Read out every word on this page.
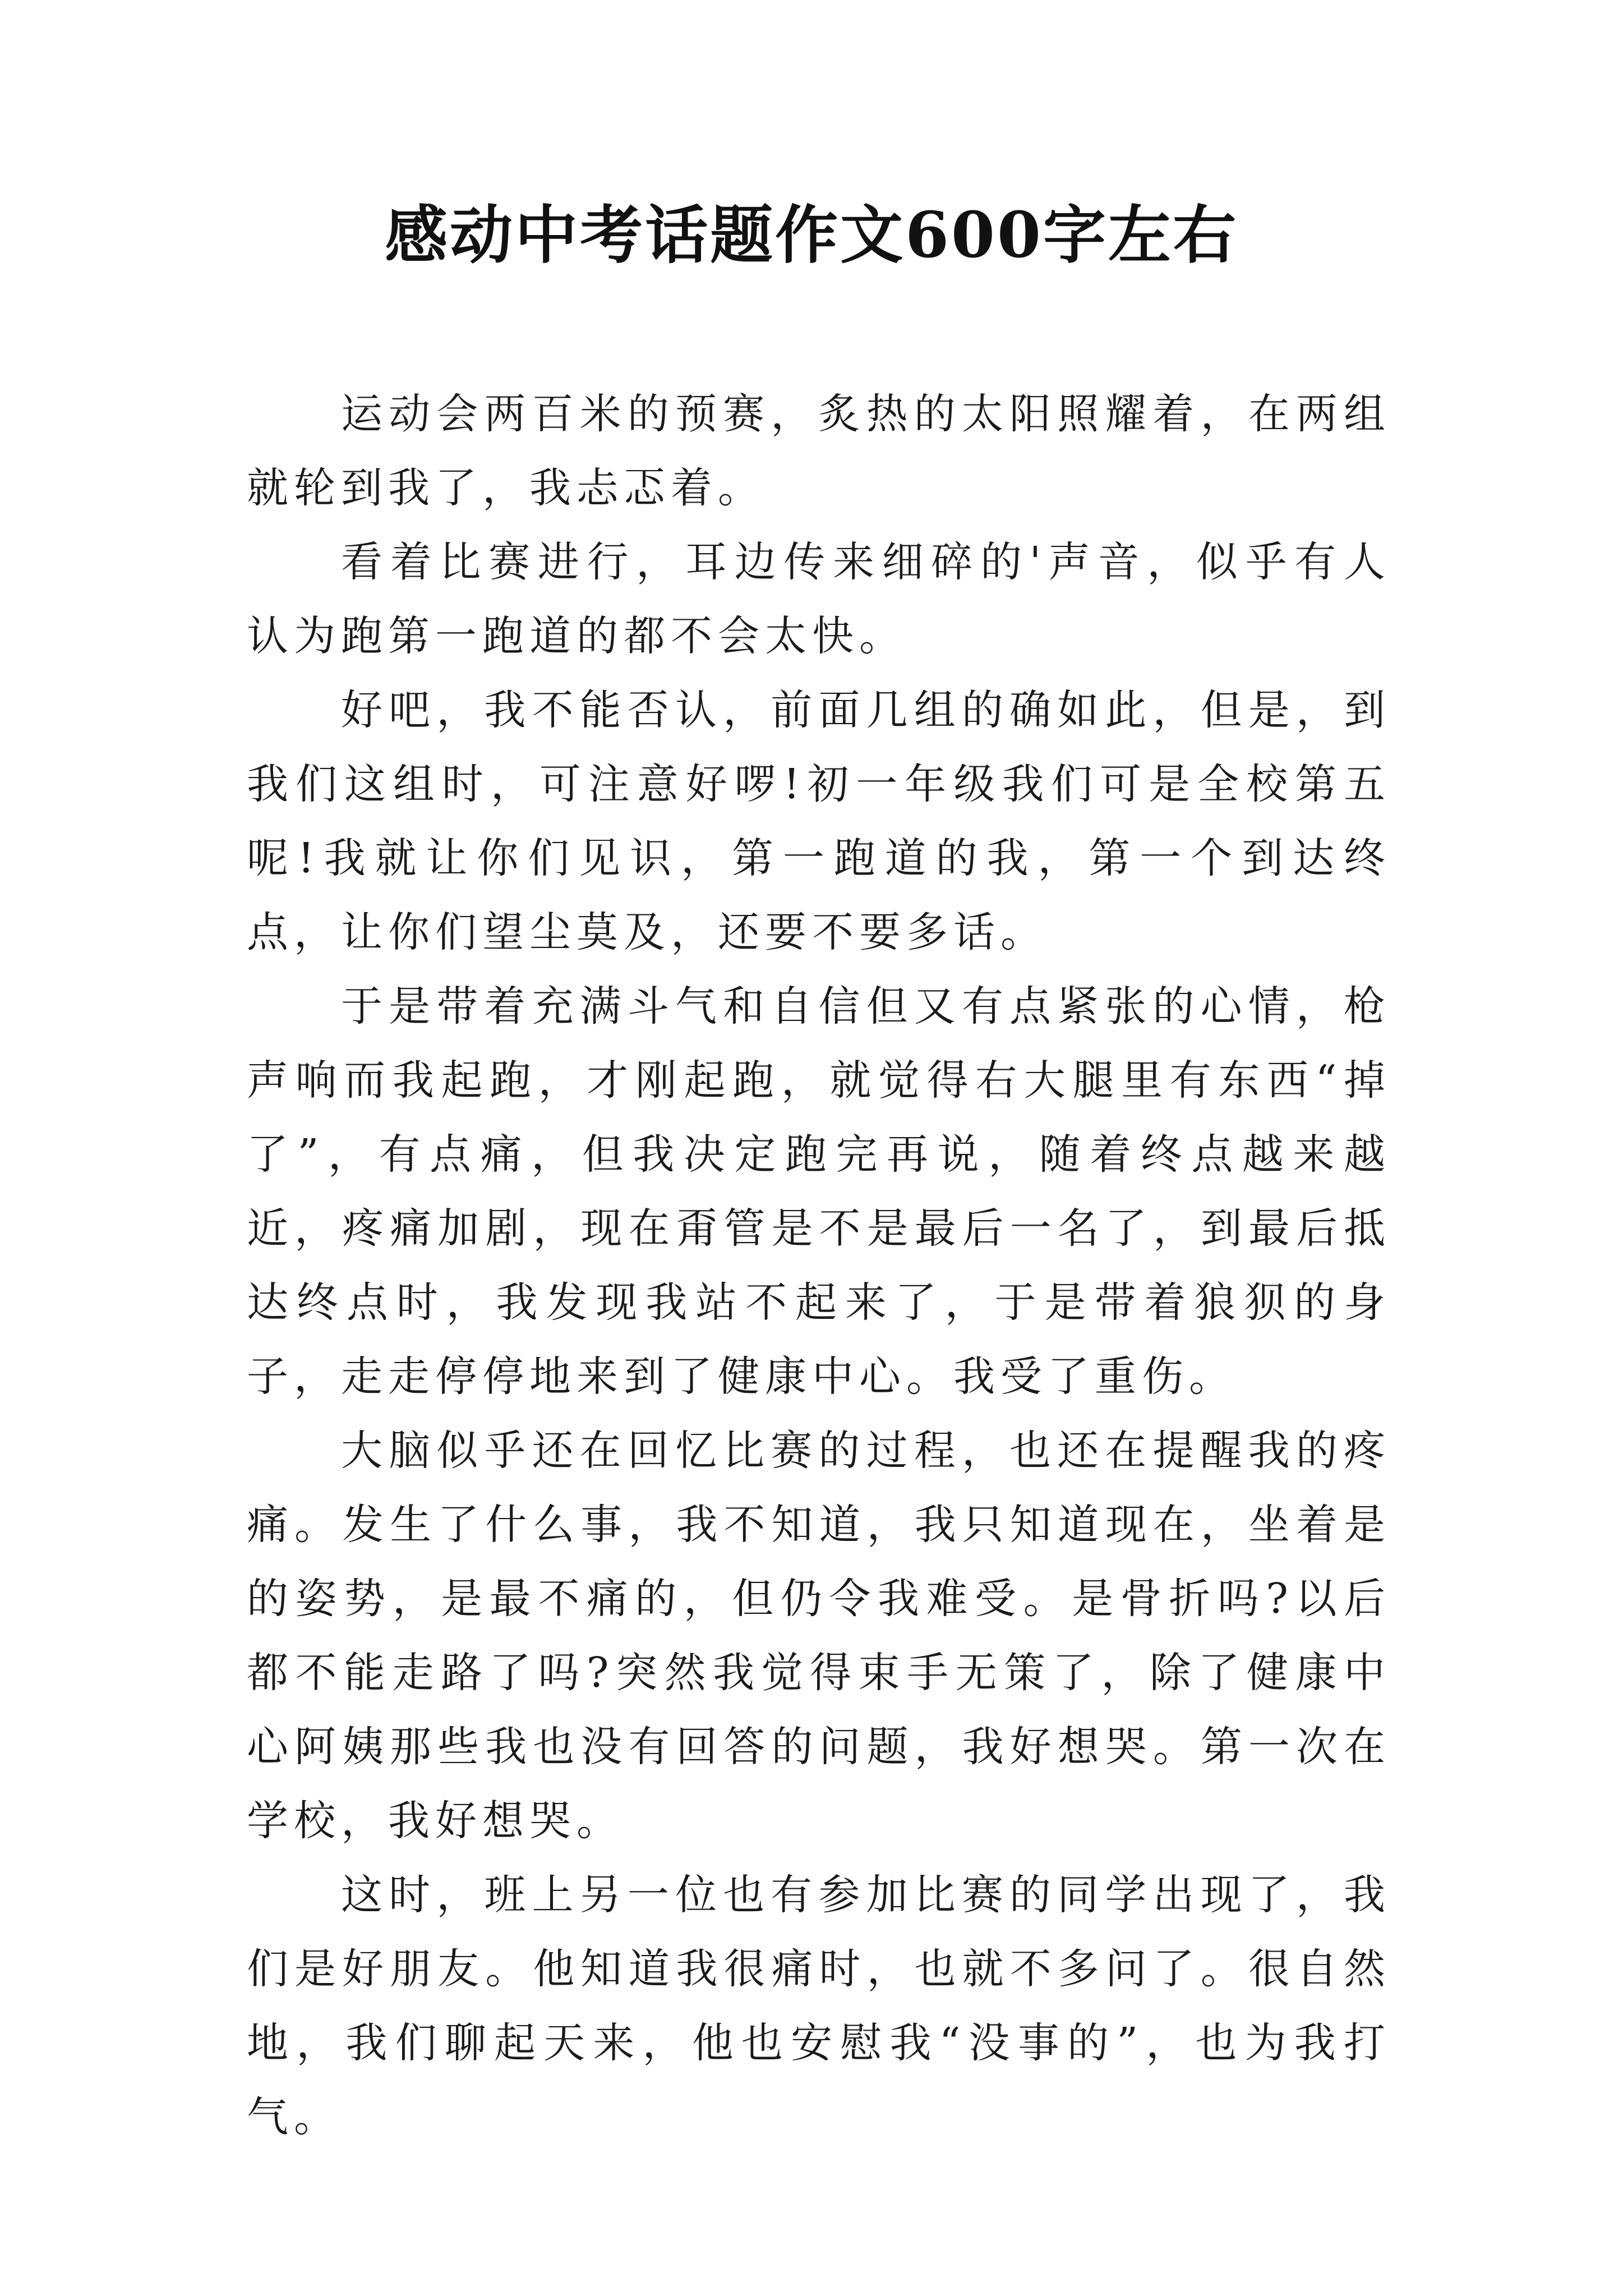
感动中考话题作文600字左右

运动会两百米的预赛，炙热的太阳照耀着，在两组就轮到我了，我忐忑着。

看着比赛进行，耳边传来细碎的'声音，似乎有人认为跑第一跑道的都不会太快。

好吧，我不能否认，前面几组的确如此，但是，到我们这组时，可注意好啰!初一年级我们可是全校第五呢!我就让你们见识，第一跑道的我，第一个到达终点，让你们望尘莫及，还要不要多话。

于是带着充满斗气和自信但又有点紧张的心情，枪声响而我起跑，才刚起跑，就觉得右大腿里有东西“掉了”，有点痛，但我决定跑完再说，随着终点越来越近，疼痛加剧，现在甭管是不是最后一名了，到最后抵达终点时，我发现我站不起来了，于是带着狼狈的身子，走走停停地来到了健康中心。我受了重伤。

大脑似乎还在回忆比赛的过程，也还在提醒我的疼痛。发生了什么事，我不知道，我只知道现在，坐着是的姿势，是最不痛的，但仍令我难受。是骨折吗?以后都不能走路了吗?突然我觉得束手无策了，除了健康中心阿姨那些我也没有回答的问题，我好想哭。第一次在学校，我好想哭。

这时，班上另一位也有参加比赛的同学出现了，我们是好朋友。他知道我很痛时，也就不多问了。很自然地，我们聊起天来，他也安慰我“没事的”，也为我打气。
